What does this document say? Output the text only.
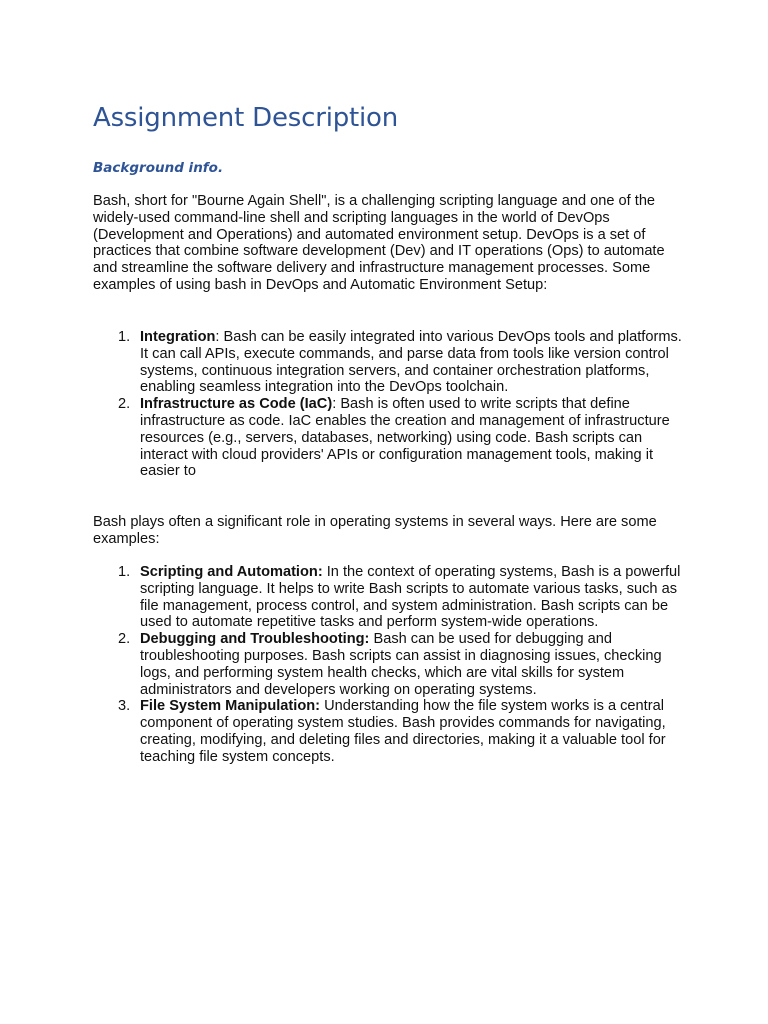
Assignment Description
Background info.

Bash, short for "Bourne Again Shell", is a challenging scripting language and one of the widely-used command-line shell and scripting languages in the world of DevOps (Development and Operations) and automated environment setup. DevOps is a set of practices that combine software development (Dev) and IT operations (Ops) to automate and streamline the software delivery and infrastructure management processes. Some examples of using bash in DevOps and Automatic Environment Setup:

1. Integration: Bash can be easily integrated into various DevOps tools and platforms. It can call APIs, execute commands, and parse data from tools like version control systems, continuous integration servers, and container orchestration platforms, enabling seamless integration into the DevOps toolchain.
2. Infrastructure as Code (IaC): Bash is often used to write scripts that define infrastructure as code. IaC enables the creation and management of infrastructure resources (e.g., servers, databases, networking) using code. Bash scripts can interact with cloud providers' APIs or configuration management tools, making it easier to

Bash plays often a significant role in operating systems in several ways. Here are some examples:

1. Scripting and Automation: In the context of operating systems, Bash is a powerful scripting language. It helps to write Bash scripts to automate various tasks, such as file management, process control, and system administration. Bash scripts can be used to automate repetitive tasks and perform system-wide operations.
2. Debugging and Troubleshooting: Bash can be used for debugging and troubleshooting purposes. Bash scripts can assist in diagnosing issues, checking logs, and performing system health checks, which are vital skills for system administrators and developers working on operating systems.
3. File System Manipulation: Understanding how the file system works is a central component of operating system studies. Bash provides commands for navigating, creating, modifying, and deleting files and directories, making it a valuable tool for teaching file system concepts.
